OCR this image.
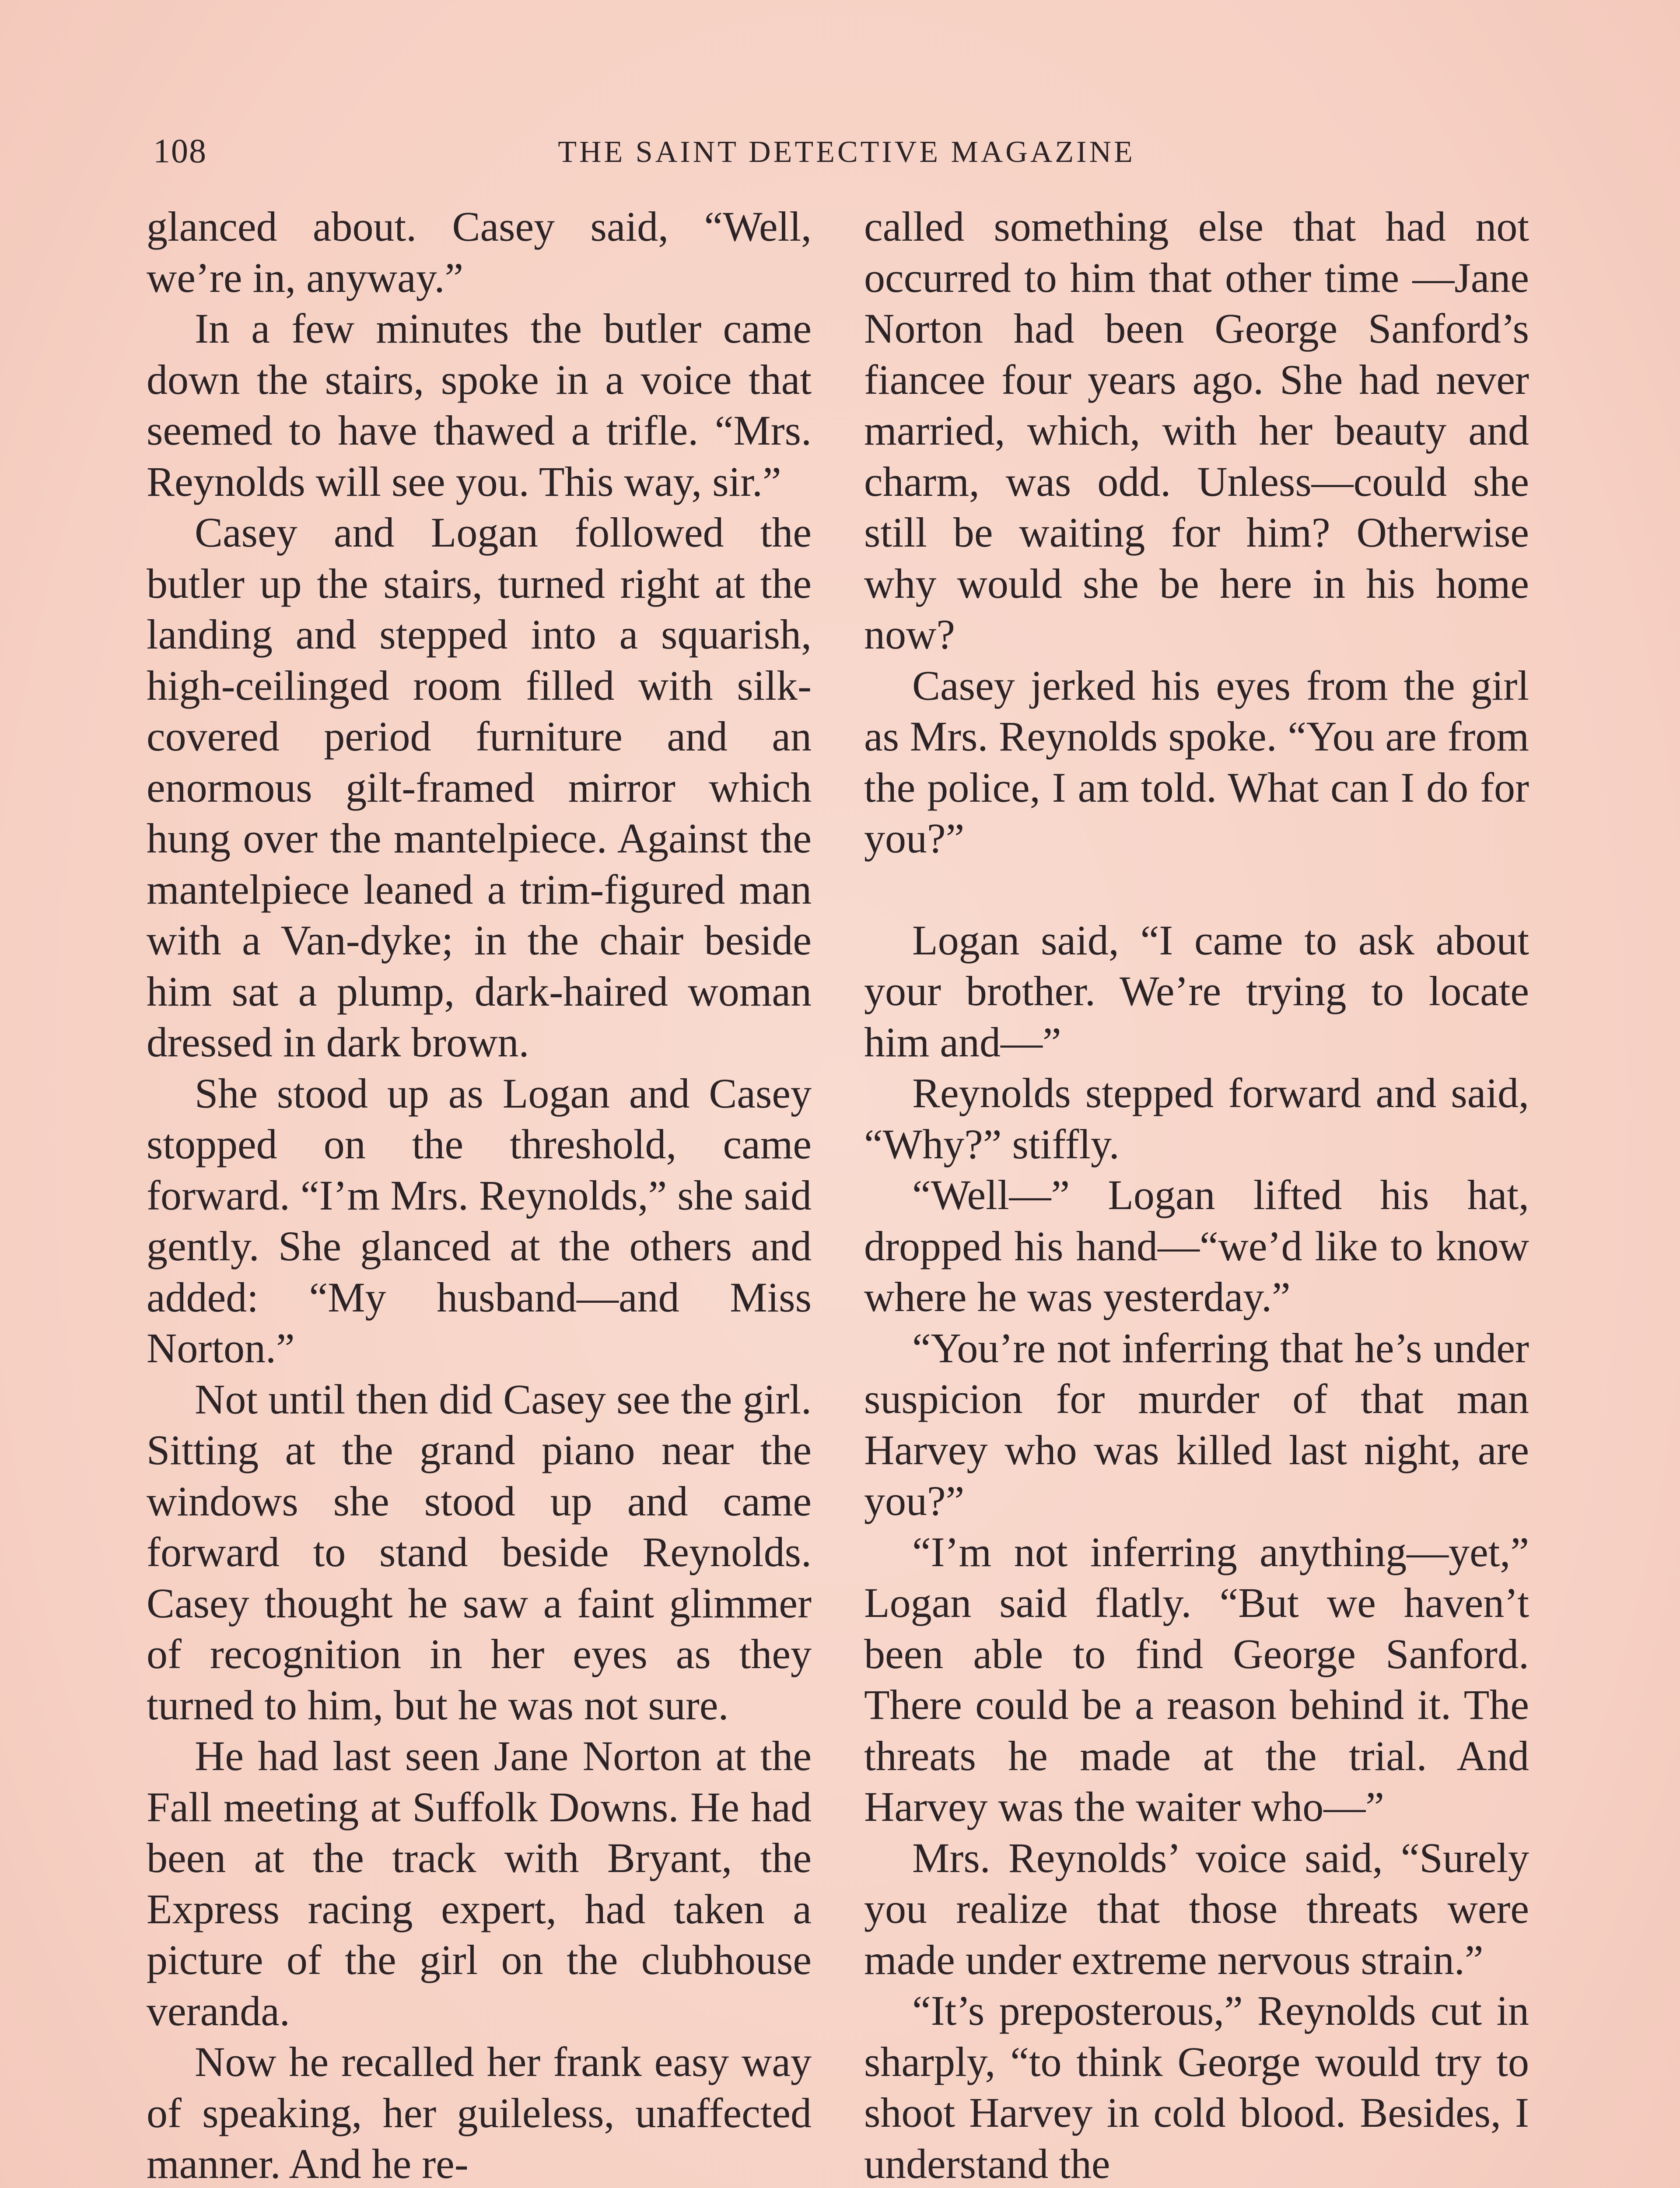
108	THE SAINT DETECTIVE MAGAZINE

glanced about. Casey said, “Well, we’re in, anyway.”

In a few minutes the butler came down the stairs, spoke in a voice that seemed to have thawed a trifle. “Mrs. Reynolds will see you. This way, sir.”

Casey and Logan followed the butler up the stairs, turned right at the landing and stepped into a squarish, high-ceilinged room filled with silk-covered period furniture and an enormous gilt-framed mirror which hung over the mantelpiece. Against the mantelpiece leaned a trim-figured man with a Van-dyke; in the chair beside him sat a plump, dark-haired woman dressed in dark brown.

She stood up as Logan and Casey stopped on the threshold, came forward. “I’m Mrs. Reynolds,” she said gently. She glanced at the others and added: “My husband—and Miss Norton.”

Not until then did Casey see the girl. Sitting at the grand piano near the windows she stood up and came forward to stand beside Reynolds. Casey thought he saw a faint glimmer of recognition in her eyes as they turned to him, but he was not sure.

He had last seen Jane Norton at the Fall meeting at Suffolk Downs. He had been at the track with Bryant, the Express racing expert, had taken a picture of the girl on the clubhouse veranda.

Now he recalled her frank easy way of speaking, her guileless, unaffected manner. And he re-

called something else that had not occurred to him that other time —Jane Norton had been George Sanford’s fiancee four years ago. She had never married, which, with her beauty and charm, was odd. Unless—could she still be waiting for him? Otherwise why would she be here in his home now?

Casey jerked his eyes from the girl as Mrs. Reynolds spoke. “You are from the police, I am told. What can I do for you?”

Logan said, “I came to ask about your brother. We’re trying to locate him and—”

Reynolds stepped forward and said, “Why?” stiffly.

“Well—” Logan lifted his hat, dropped his hand—“we’d like to know where he was yesterday.”

“You’re not inferring that he’s under suspicion for murder of that man Harvey who was killed last night, are you?”

“I’m not inferring anything—yet,” Logan said flatly. “But we haven’t been able to find George Sanford. There could be a reason behind it. The threats he made at the trial. And Harvey was the waiter who—”

Mrs. Reynolds’ voice said, “Surely you realize that those threats were made under extreme nervous strain.”

“It’s preposterous,” Reynolds cut in sharply, “to think George would try to shoot Harvey in cold blood. Besides, I understand the
